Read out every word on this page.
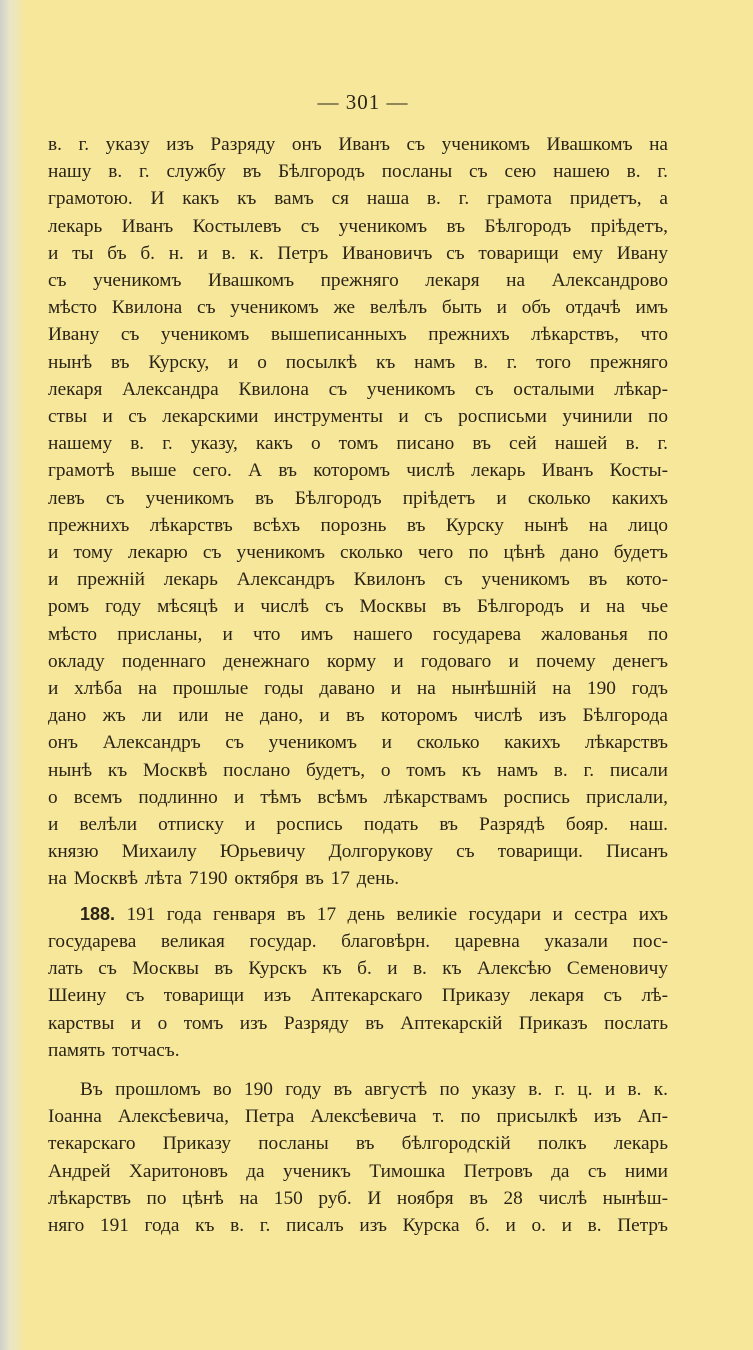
— 301 —
в. г. указу изъ Разряду онъ Иванъ съ ученикомъ Ивашкомъ на
нашу в. г. службу въ Бѣлгородъ посланы съ сею нашею в. г.
грамотою. И какъ къ вамъ ся наша в. г. грамота придетъ, а
лекарь Иванъ Костылевъ съ ученикомъ въ Бѣлгородъ пріѣдетъ,
и ты бъ б. н. и в. к. Петръ Ивановичъ съ товарищи ему Ивану
съ ученикомъ Ивашкомъ прежняго лекаря на Александрово
мѣсто Квилона съ ученикомъ же велѣлъ быть и объ отдачѣ имъ
Ивану съ ученикомъ вышеписанныхъ прежнихъ лѣкарствъ, что
нынѣ въ Курску, и о посылкѣ къ намъ в. г. того прежняго
лекаря Александра Квилона съ ученикомъ съ осталыми лѣкар-
ствы и съ лекарскими инструменты и съ росписьми учинили по
нашему в. г. указу, какъ о томъ писано въ сей нашей в. г.
грамотѣ выше сего. А въ которомъ числѣ лекарь Иванъ Косты-
левъ съ ученикомъ въ Бѣлгородъ пріѣдетъ и сколько какихъ
прежнихъ лѣкарствъ всѣхъ порознь въ Курску нынѣ на лицо
и тому лекарю съ ученикомъ сколько чего по цѣнѣ дано будетъ
и прежній лекарь Александръ Квилонъ съ ученикомъ въ кото-
ромъ году мѣсяцѣ и числѣ съ Москвы въ Бѣлгородъ и на чье
мѣсто присланы, и что имъ нашего государева жалованья по
окладу поденнаго денежнаго корму и годоваго и почему денегъ
и хлѣба на прошлые годы давано и на нынѣшній на 190 годъ
дано жъ ли или не дано, и въ которомъ числѣ изъ Бѣлгорода
онъ Александръ съ ученикомъ и сколько какихъ лѣкарствъ
нынѣ къ Москвѣ послано будетъ, о томъ къ намъ в. г. писали
о всемъ подлинно и тѣмъ всѣмъ лѣкарствамъ роспись прислали,
и велѣли отписку и роспись подать въ Разрядѣ бояр. наш.
князю Михаилу Юрьевичу Долгорукову съ товарищи. Писанъ
на Москвѣ лѣта 7190 октября въ 17 день.
188. 191 года генваря въ 17 день великіе государи и сестра ихъ
государева великая государ. благовѣрн. царевна указали пос-
лать съ Москвы въ Курскъ къ б. и в. къ Алексѣю Семеновичу
Шеину съ товарищи изъ Аптекарскаго Приказу лекаря съ лѣ-
карствы и о томъ изъ Разряду въ Аптекарскій Приказъ послать
память тотчасъ.
Въ прошломъ во 190 году въ августѣ по указу в. г. ц. и в. к.
Іоанна Алексѣевича, Петра Алексѣевича т. по присылкѣ изъ Ап-
текарскаго Приказу посланы въ бѣлгородскій полкъ лекарь
Андрей Харитоновъ да ученикъ Тимошка Петровъ да съ ними
лѣкарствъ по цѣнѣ на 150 руб. И ноября въ 28 числѣ нынѣш-
няго 191 года къ в. г. писалъ изъ Курска б. и о. и в. Петръ
